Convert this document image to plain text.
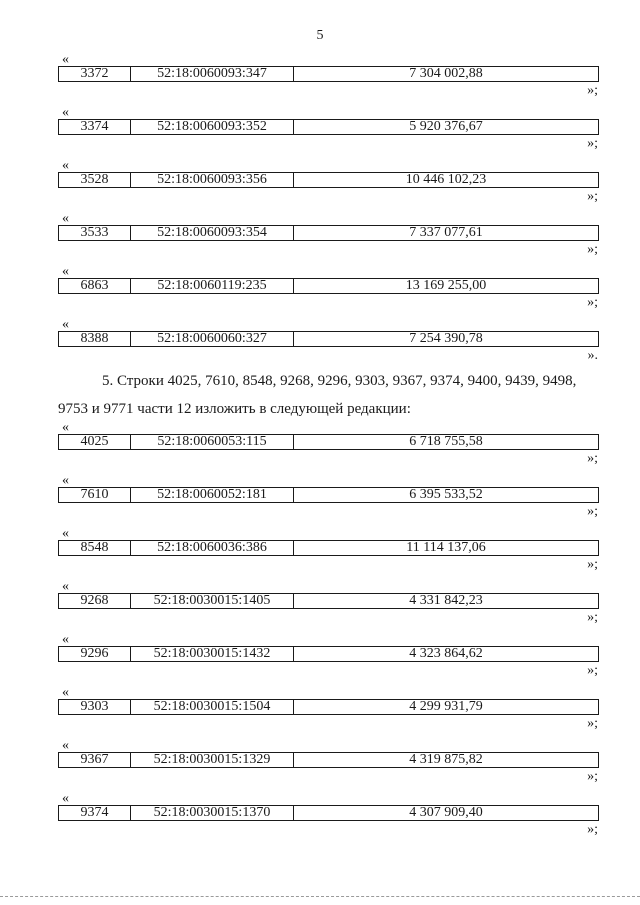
5
«
3372	52:18:0060093:347	7 304 002,88
»;
«
3374	52:18:0060093:352	5 920 376,67
»;
«
3528	52:18:0060093:356	10 446 102,23
»;
«
3533	52:18:0060093:354	7 337 077,61
»;
«
6863	52:18:0060119:235	13 169 255,00
»;
«
8388	52:18:0060060:327	7 254 390,78
».
5. Строки 4025, 7610, 8548, 9268, 9296, 9303, 9367, 9374, 9400, 9439, 9498,
9753 и 9771 части 12 изложить в следующей редакции:
«
4025	52:18:0060053:115	6 718 755,58
»;
«
7610	52:18:0060052:181	6 395 533,52
»;
«
8548	52:18:0060036:386	11 114 137,06
»;
«
9268	52:18:0030015:1405	4 331 842,23
»;
«
9296	52:18:0030015:1432	4 323 864,62
»;
«
9303	52:18:0030015:1504	4 299 931,79
»;
«
9367	52:18:0030015:1329	4 319 875,82
»;
«
9374	52:18:0030015:1370	4 307 909,40
»;
